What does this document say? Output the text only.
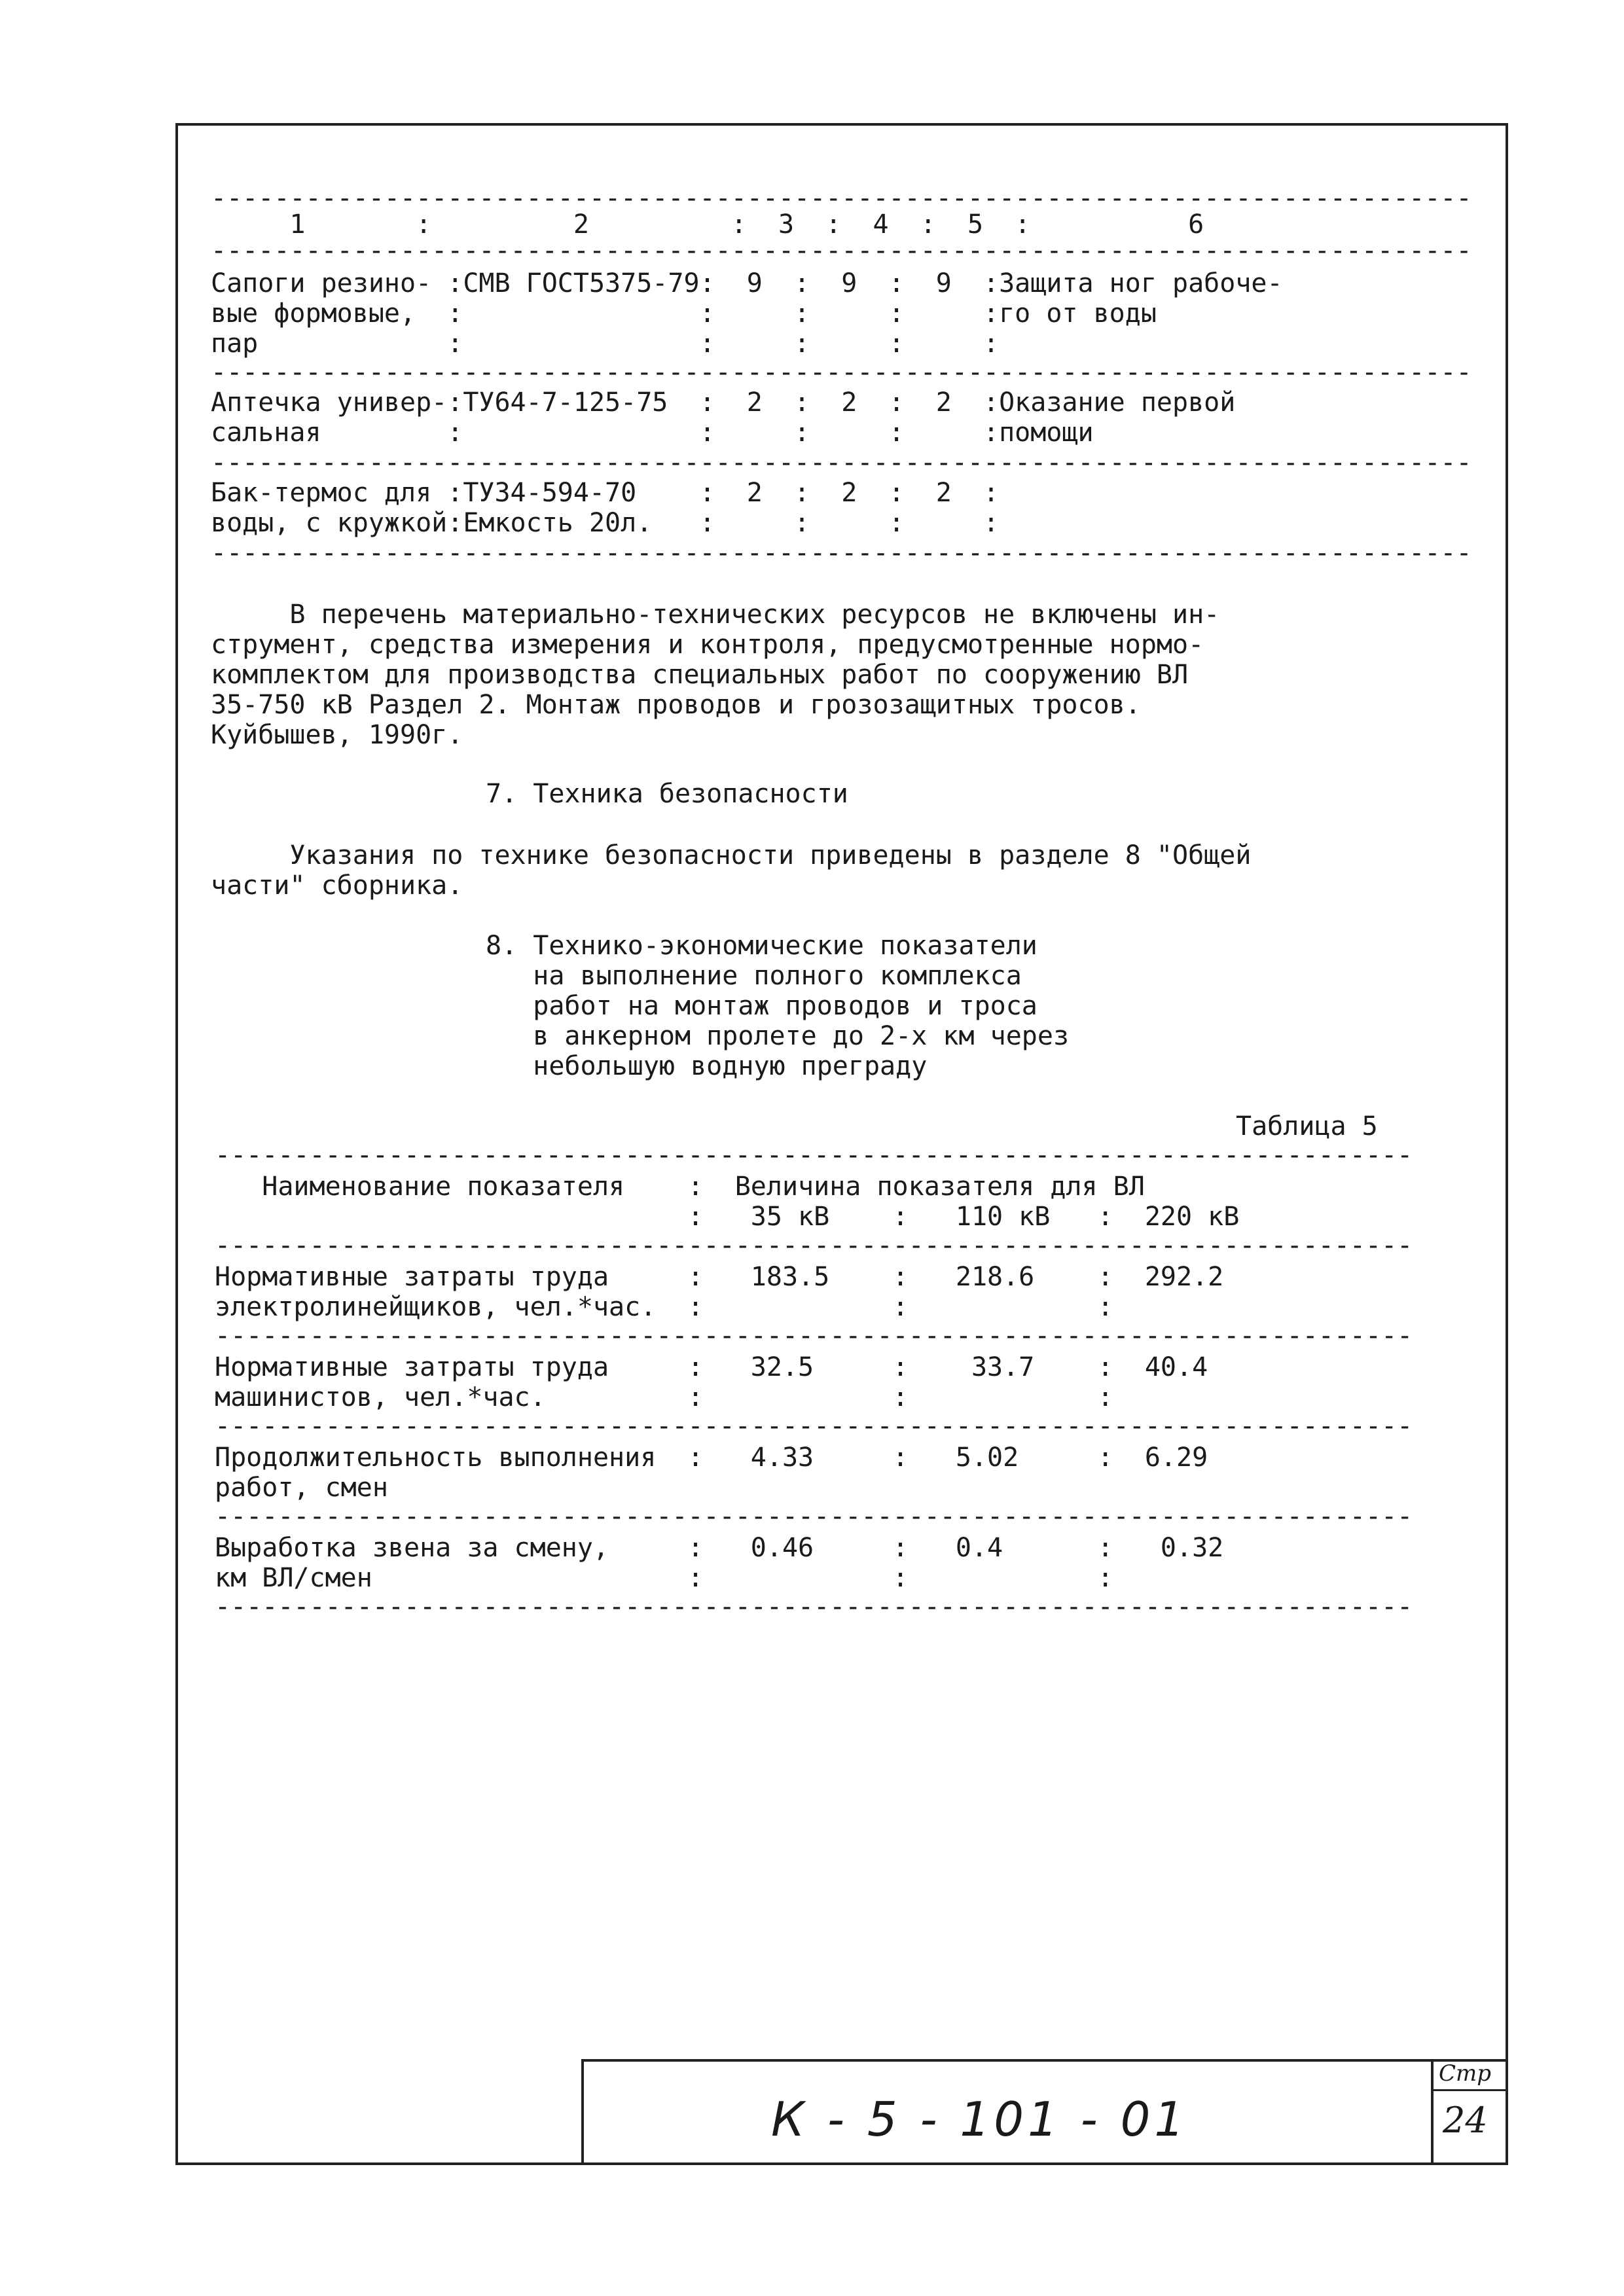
--------------------------------------------------------------------------------
1       :         2         :  3  :  4  :  5  :          6
--------------------------------------------------------------------------------
Сапоги резино- :СМВ ГОСТ5375-79:  9  :  9  :  9  :Защита ног рабоче-
вые формовые,  :               :     :     :     :го от воды
пар            :               :     :     :     :
--------------------------------------------------------------------------------
Аптечка универ-:ТУ64-7-125-75  :  2  :  2  :  2  :Оказание первой
сальная        :               :     :     :     :помощи
--------------------------------------------------------------------------------
Бак-термос для :ТУ34-594-70    :  2  :  2  :  2  :
воды, с кружкой:Емкость 20л.   :     :     :     :
--------------------------------------------------------------------------------
В перечень материально-технических ресурсов не включены ин-
струмент, средства измерения и контроля, предусмотренные нормо-
комплектом для производства специальных работ по сооружению ВЛ
35-750 кВ Раздел 2. Монтаж проводов и грозозащитных тросов.
Куйбышев, 1990г.
7. Техника безопасности
Указания по технике безопасности приведены в разделе 8 "Общей
части" сборника.
8. Технико-экономические показатели
на выполнение полного комплекса
работ на монтаж проводов и троса
в анкерном пролете до 2-х км через
небольшую водную преграду
Таблица 5
----------------------------------------------------------------------------
Наименование показателя    :  Величина показателя для ВЛ
:   35 кВ    :   110 кВ   :  220 кВ
----------------------------------------------------------------------------
Нормативные затраты труда     :   183.5    :   218.6    :  292.2
электролинейщиков, чел.*час.  :            :            :
----------------------------------------------------------------------------
Нормативные затраты труда     :   32.5     :    33.7    :  40.4
машинистов, чел.*час.         :            :            :
----------------------------------------------------------------------------
Продолжительность выполнения  :   4.33     :   5.02     :  6.29
работ, смен
----------------------------------------------------------------------------
Выработка звена за смену,     :   0.46     :   0.4      :   0.32
км ВЛ/смен                    :            :            :
----------------------------------------------------------------------------
К - 5 - 101 - 01
Стр
24
